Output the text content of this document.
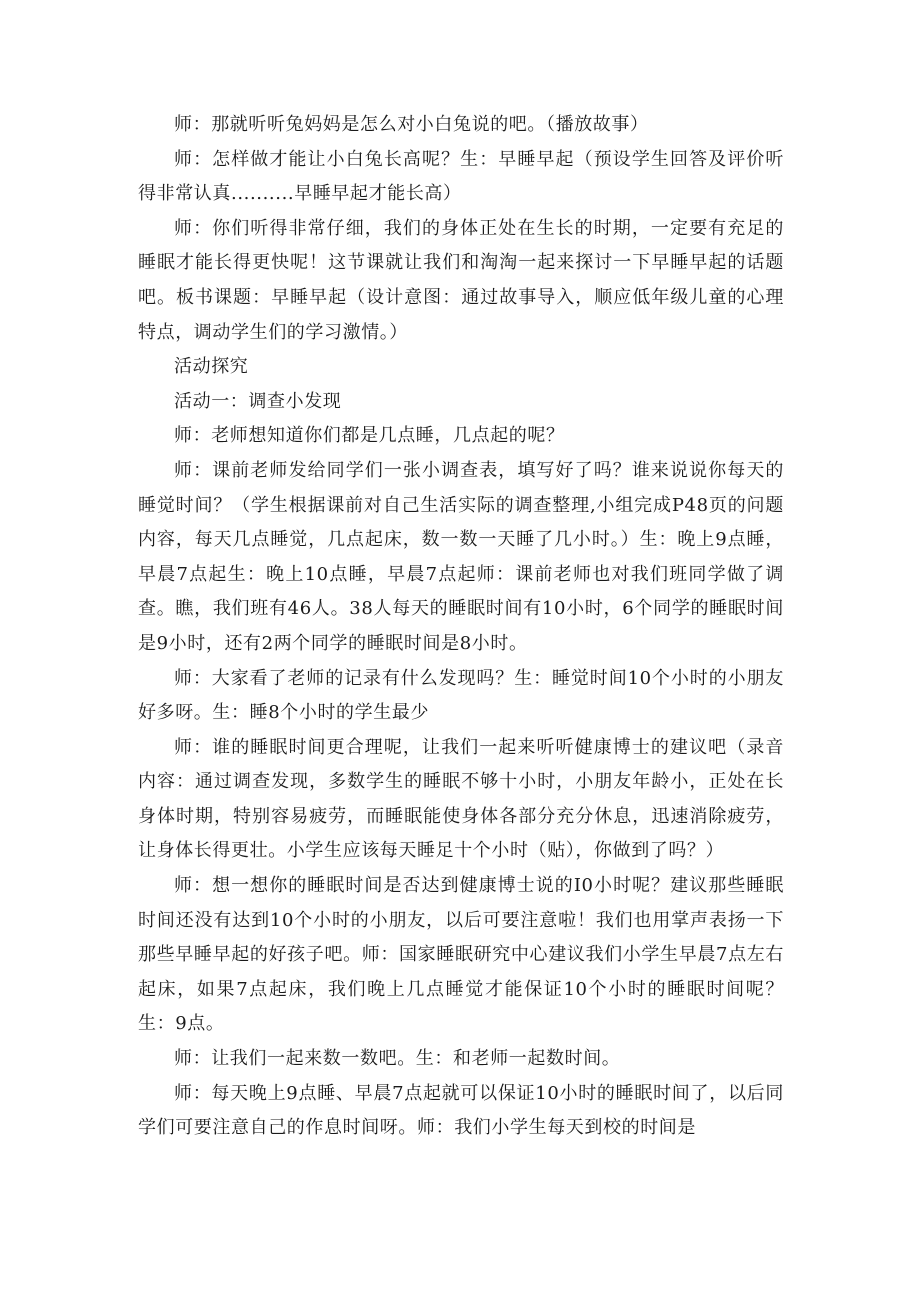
师：那就听听兔妈妈是怎么对小白兔说的吧。（播放故事）

师：怎样做才能让小白兔长高呢？生：早睡早起（预设学生回答及评价听得非常认真..........早睡早起才能长高）

师：你们听得非常仔细，我们的身体正处在生长的时期，一定要有充足的睡眠才能长得更快呢！这节课就让我们和淘淘一起来探讨一下早睡早起的话题吧。板书课题：早睡早起（设计意图：通过故事导入，顺应低年级儿童的心理特点，调动学生们的学习激情。）

活动探究

活动一：调查小发现

师：老师想知道你们都是几点睡，几点起的呢？

师：课前老师发给同学们一张小调查表，填写好了吗？谁来说说你每天的睡觉时间？（学生根据课前对自己生活实际的调查整理,小组完成P48页的问题内容，每天几点睡觉，几点起床，数一数一天睡了几小时。）生：晚上9点睡，早晨7点起生：晚上10点睡，早晨7点起师：课前老师也对我们班同学做了调查。瞧，我们班有46人。38人每天的睡眠时间有10小时，6个同学的睡眠时间是9小时，还有2两个同学的睡眠时间是8小时。

师：大家看了老师的记录有什么发现吗？生：睡觉时间10个小时的小朋友好多呀。生：睡8个小时的学生最少

师：谁的睡眠时间更合理呢，让我们一起来听听健康博士的建议吧（录音内容：通过调查发现，多数学生的睡眠不够十小时，小朋友年龄小，正处在长身体时期，特别容易疲劳，而睡眠能使身体各部分充分休息，迅速消除疲劳，让身体长得更壮。小学生应该每天睡足十个小时（贴），你做到了吗？）

师：想一想你的睡眠时间是否达到健康博士说的I0小时呢？建议那些睡眠时间还没有达到10个小时的小朋友，以后可要注意啦！我们也用掌声表扬一下那些早睡早起的好孩子吧。师：国家睡眠研究中心建议我们小学生早晨7点左右起床，如果7点起床，我们晚上几点睡觉才能保证10个小时的睡眠时间呢？生：9点。

师：让我们一起来数一数吧。生：和老师一起数时间。

师：每天晚上9点睡、早晨7点起就可以保证10小时的睡眠时间了，以后同学们可要注意自己的作息时间呀。师：我们小学生每天到校的时间是
